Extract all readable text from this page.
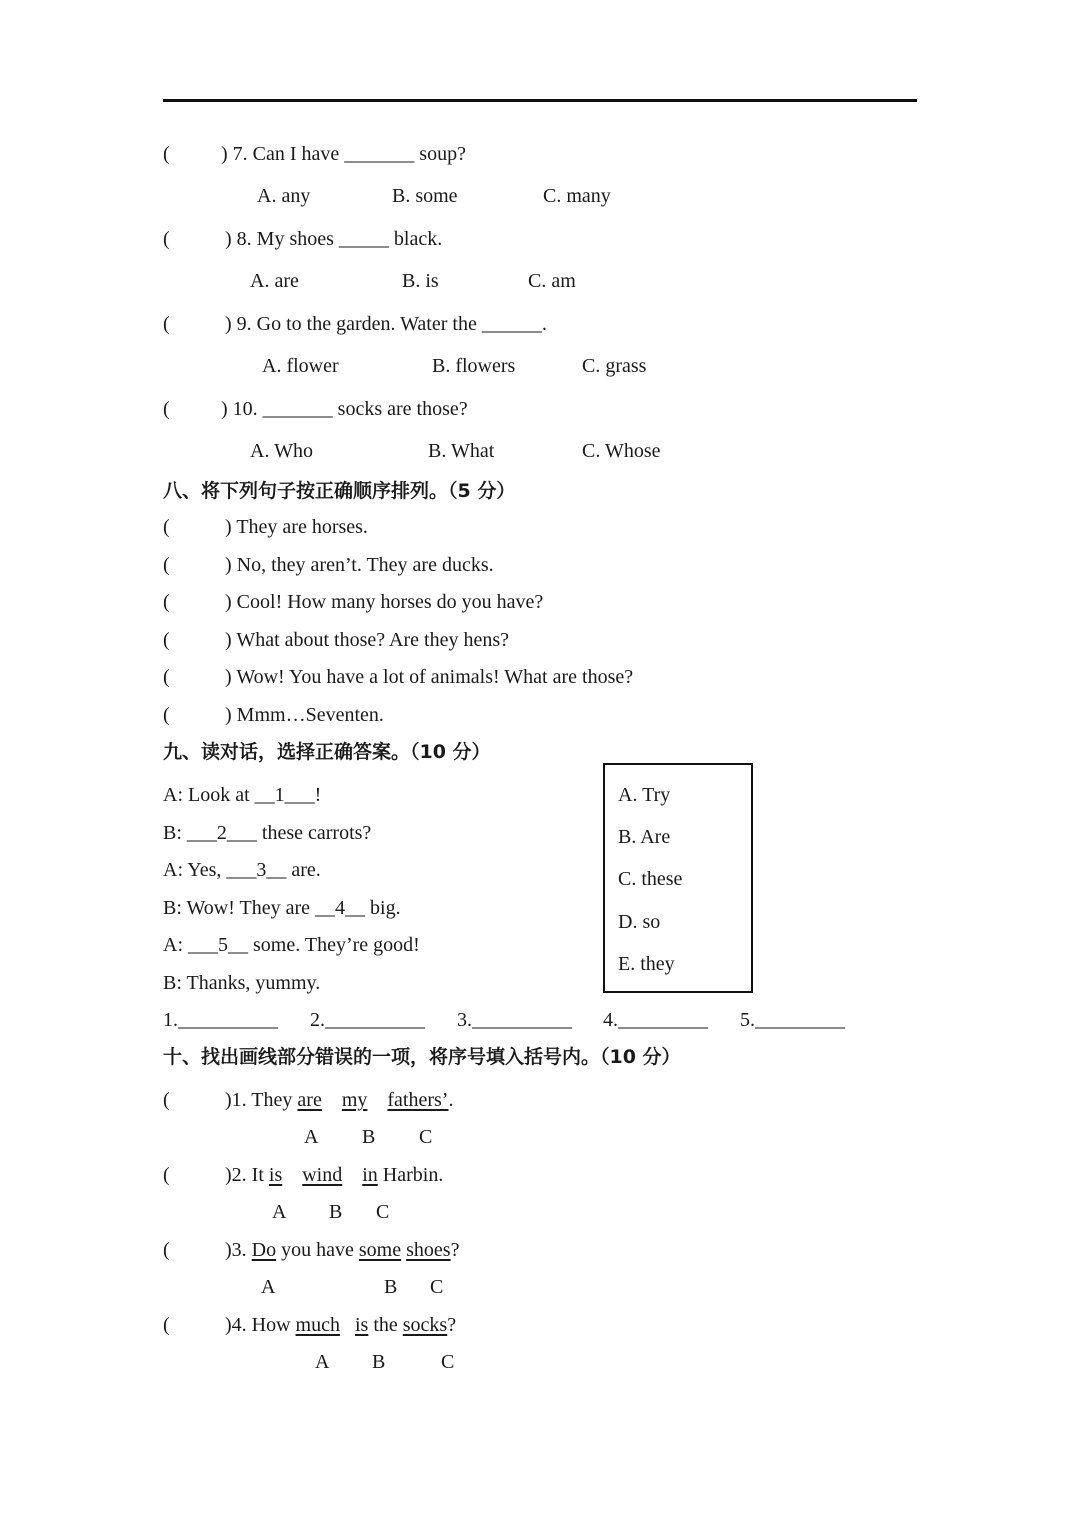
(	) 7. Can I have _______ soup?
A. any	B. some	C. many
(	) 8. My shoes _____ black.
A. are	B. is	C. am
(	) 9. Go to the garden. Water the ______.
A. flower	B. flowers	C. grass
(	) 10. _______ socks are those?
A. Who	B. What	C. Whose
八、将下列句子按正确顺序排列。（5 分）
(	) They are horses.
(	) No, they aren’t. They are ducks.
(	) Cool! How many horses do you have?
(	) What about those? Are they hens?
(	) Wow! You have a lot of animals! What are those?
(	) Mmm…Seventen.
九、读对话，选择正确答案。（10 分）
A: Look at __1___!
B: ___2___ these carrots?
A: Yes, ___3__ are.
B: Wow! They are __4__ big.
A: ___5__ some. They’re good!
B: Thanks, yummy.
A. Try
B. Are
C. these
D. so
E. they
1.__________ 2.__________ 3.__________ 4._________ 5._________
十、找出画线部分错误的一项，将序号填入括号内。（10 分）
(	)1. They are my fathers’.
A B C
(	)2. It is wind in Harbin.
A B C
(	)3. Do you have some shoes?
A	B C
(	)4. How much is the socks?
A B	C
